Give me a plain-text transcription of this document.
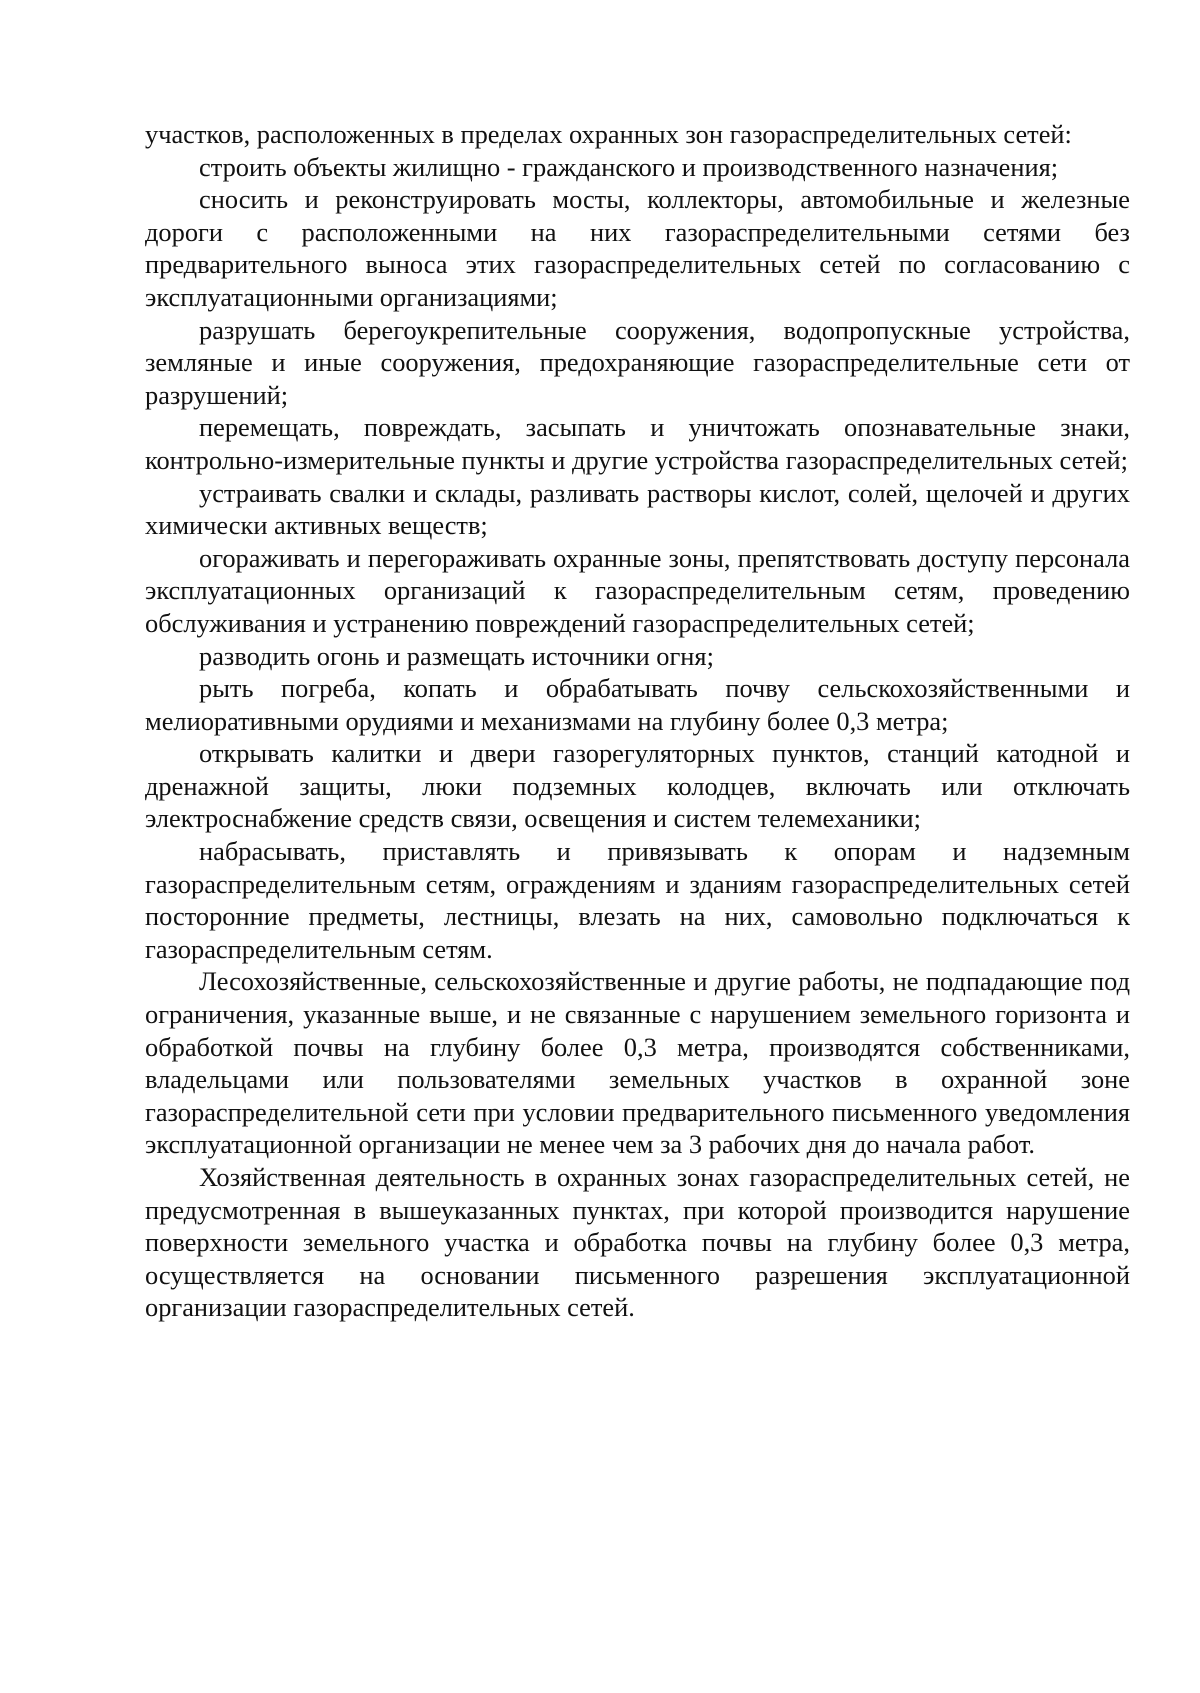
участков, расположенных в пределах охранных зон газораспределительных сетей:

строить объекты жилищно - гражданского и производственного назначения;

сносить и реконструировать мосты, коллекторы, автомобильные и железные дороги с расположенными на них газораспределительными сетями без предварительного выноса этих газораспределительных сетей по согласованию с эксплуатационными организациями;

разрушать берегоукрепительные сооружения, водопропускные устройства, земляные и иные сооружения, предохраняющие газораспределительные сети от разрушений;

перемещать, повреждать, засыпать и уничтожать опознавательные знаки, контрольно-измерительные пункты и другие устройства газораспределительных сетей;

устраивать свалки и склады, разливать растворы кислот, солей, щелочей и других химически активных веществ;

огораживать и перегораживать охранные зоны, препятствовать доступу персонала эксплуатационных организаций к газораспределительным сетям, проведению обслуживания и устранению повреждений газораспределительных сетей;

разводить огонь и размещать источники огня;

рыть погреба, копать и обрабатывать почву сельскохозяйственными и мелиоративными орудиями и механизмами на глубину более 0,3 метра;

открывать калитки и двери газорегуляторных пунктов, станций катодной и дренажной защиты, люки подземных колодцев, включать или отключать электроснабжение средств связи, освещения и систем телемеханики;

набрасывать, приставлять и привязывать к опорам и надземным газораспределительным сетям, ограждениям и зданиям газораспределительных сетей посторонние предметы, лестницы, влезать на них, самовольно подключаться к газораспределительным сетям.

Лесохозяйственные, сельскохозяйственные и другие работы, не подпадающие под ограничения, указанные выше, и не связанные с нарушением земельного горизонта и обработкой почвы на глубину более 0,3 метра, производятся собственниками, владельцами или пользователями земельных участков в охранной зоне газораспределительной сети при условии предварительного письменного уведомления эксплуатационной организации не менее чем за 3 рабочих дня до начала работ.

Хозяйственная деятельность в охранных зонах газораспределительных сетей, не предусмотренная в вышеуказанных пунктах, при которой производится нарушение поверхности земельного участка и обработка почвы на глубину более 0,3 метра, осуществляется на основании письменного разрешения эксплуатационной организации газораспределительных сетей.
